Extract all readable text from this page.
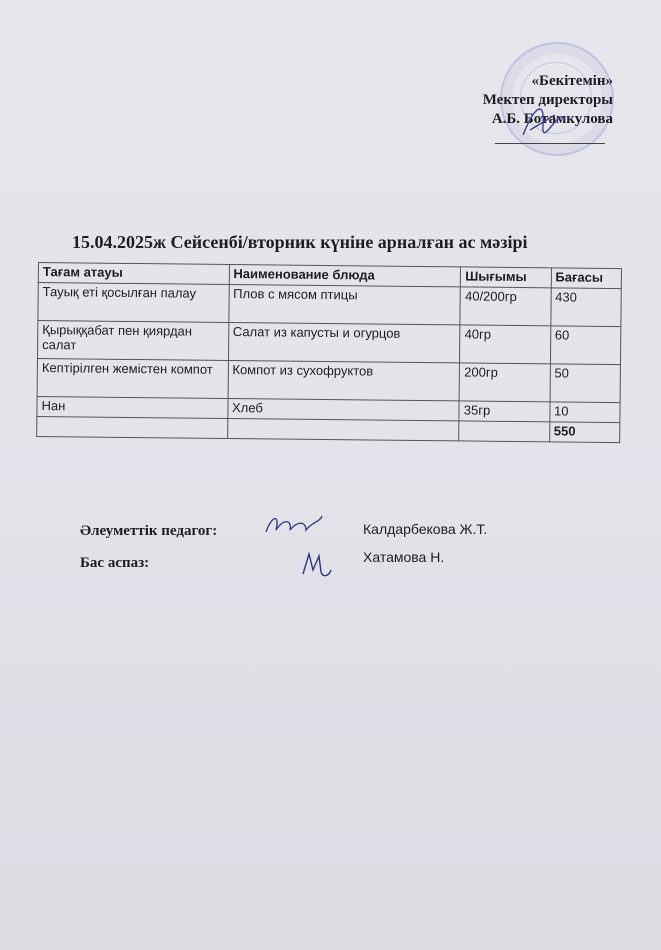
«Бекітемін»
Мектеп директоры
А.Б. Ботамкулова
15.04.2025ж Сейсенбі/вторник күніне арналған ас мәзірі
Тағам атауы	Наименование блюда	Шығымы	Бағасы
Тауық еті қосылған палау	Плов с мясом птицы	40/200гр	430
Қырыққабат пен қиярдан салат	Салат из капусты и огурцов	40гр	60
Кептірілген жемістен компот	Компот из сухофруктов	200гр	50
Нан	Хлеб	35гр	10
			550
Әлеуметтік педагог:
Бас аспаз:
Калдарбекова Ж.Т.
Хатамова Н.
